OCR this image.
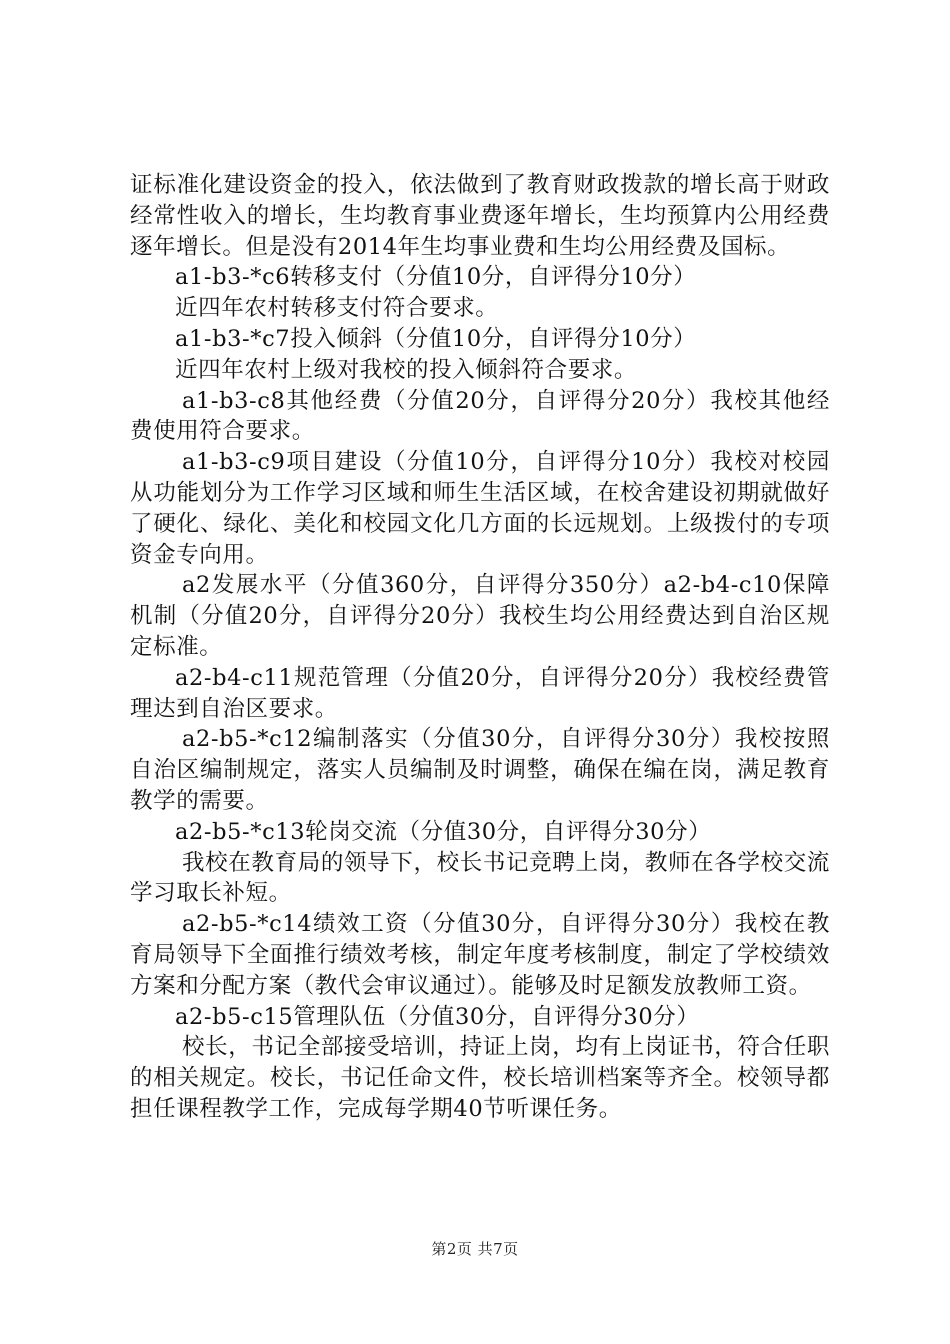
证标准化建设资金的投入，依法做到了教育财政拨款的增长高于财政经常性收入的增长，生均教育事业费逐年增长，生均预算内公用经费逐年增长。但是没有2014年生均事业费和生均公用经费及国标。

a1-b3-*c6转移支付（分值10分，自评得分10分）

近四年农村转移支付符合要求。

a1-b3-*c7投入倾斜（分值10分，自评得分10分）

近四年农村上级对我校的投入倾斜符合要求。

a1-b3-c8其他经费（分值20分，自评得分20分）我校其他经费使用符合要求。

a1-b3-c9项目建设（分值10分，自评得分10分）我校对校园从功能划分为工作学习区域和师生生活区域，在校舍建设初期就做好了硬化、绿化、美化和校园文化几方面的长远规划。上级拨付的专项资金专向用。

a2发展水平（分值360分，自评得分350分）a2-b4-c10保障机制（分值20分，自评得分20分）我校生均公用经费达到自治区规定标准。

a2-b4-c11规范管理（分值20分，自评得分20分）我校经费管理达到自治区要求。

a2-b5-*c12编制落实（分值30分，自评得分30分）我校按照自治区编制规定，落实人员编制及时调整，确保在编在岗，满足教育教学的需要。

a2-b5-*c13轮岗交流（分值30分，自评得分30分）

我校在教育局的领导下，校长书记竞聘上岗，教师在各学校交流学习取长补短。

a2-b5-*c14绩效工资（分值30分，自评得分30分）我校在教育局领导下全面推行绩效考核，制定年度考核制度，制定了学校绩效方案和分配方案（教代会审议通过）。能够及时足额发放教师工资。

a2-b5-c15管理队伍（分值30分，自评得分30分）

校长，书记全部接受培训，持证上岗，均有上岗证书，符合任职的相关规定。校长，书记任命文件，校长培训档案等齐全。校领导都担任课程教学工作，完成每学期40节听课任务。

第2页 共7页
